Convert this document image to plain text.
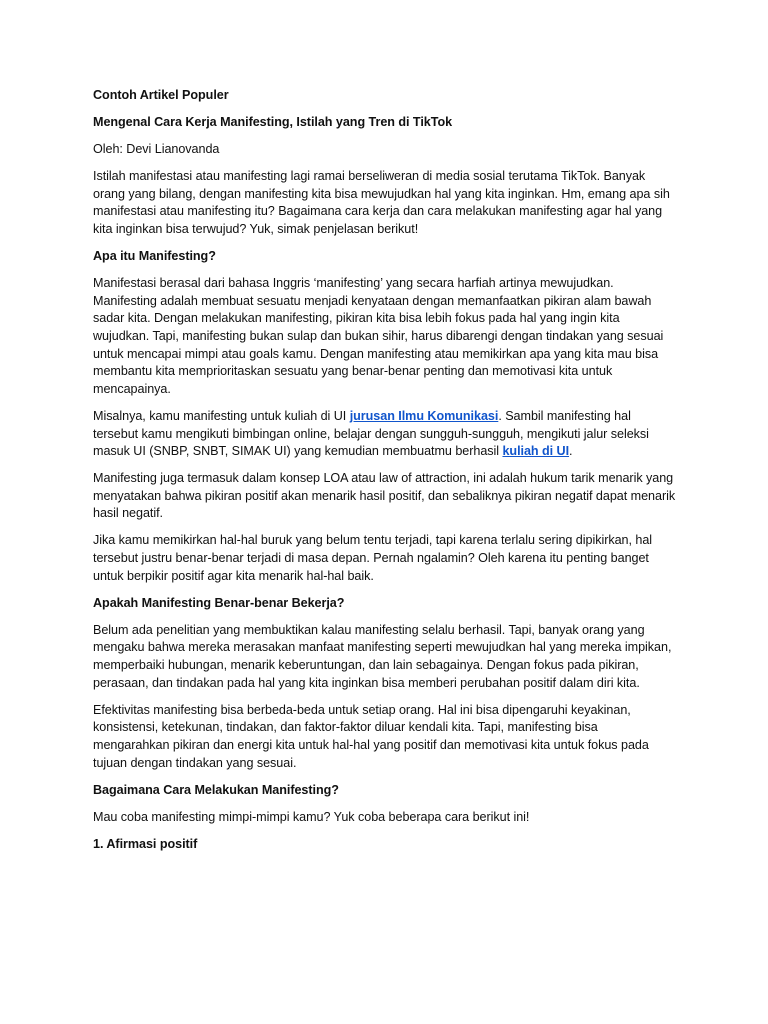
Contoh Artikel Populer

Mengenal Cara Kerja Manifesting, Istilah yang Tren di TikTok

Oleh: Devi Lianovanda

Istilah manifestasi atau manifesting lagi ramai berseliweran di media sosial terutama TikTok. Banyak orang yang bilang, dengan manifesting kita bisa mewujudkan hal yang kita inginkan. Hm, emang apa sih manifestasi atau manifesting itu? Bagaimana cara kerja dan cara melakukan manifesting agar hal yang kita inginkan bisa terwujud? Yuk, simak penjelasan berikut!

Apa itu Manifesting?

Manifestasi berasal dari bahasa Inggris ‘manifesting’ yang secara harfiah artinya mewujudkan. Manifesting adalah membuat sesuatu menjadi kenyataan dengan memanfaatkan pikiran alam bawah sadar kita. Dengan melakukan manifesting, pikiran kita bisa lebih fokus pada hal yang ingin kita wujudkan. Tapi, manifesting bukan sulap dan bukan sihir, harus dibarengi dengan tindakan yang sesuai untuk mencapai mimpi atau goals kamu. Dengan manifesting atau memikirkan apa yang kita mau bisa membantu kita memprioritaskan sesuatu yang benar-benar penting dan memotivasi kita untuk mencapainya.

Misalnya, kamu manifesting untuk kuliah di UI jurusan Ilmu Komunikasi. Sambil manifesting hal tersebut kamu mengikuti bimbingan online, belajar dengan sungguh-sungguh, mengikuti jalur seleksi masuk UI (SNBP, SNBT, SIMAK UI) yang kemudian membuatmu berhasil kuliah di UI.

Manifesting juga termasuk dalam konsep LOA atau law of attraction, ini adalah hukum tarik menarik yang menyatakan bahwa pikiran positif akan menarik hasil positif, dan sebaliknya pikiran negatif dapat menarik hasil negatif.

Jika kamu memikirkan hal-hal buruk yang belum tentu terjadi, tapi karena terlalu sering dipikirkan, hal tersebut justru benar-benar terjadi di masa depan. Pernah ngalamin? Oleh karena itu penting banget untuk berpikir positif agar kita menarik hal-hal baik.

Apakah Manifesting Benar-benar Bekerja?

Belum ada penelitian yang membuktikan kalau manifesting selalu berhasil. Tapi, banyak orang yang mengaku bahwa mereka merasakan manfaat manifesting seperti mewujudkan hal yang mereka impikan, memperbaiki hubungan, menarik keberuntungan, dan lain sebagainya. Dengan fokus pada pikiran, perasaan, dan tindakan pada hal yang kita inginkan bisa memberi perubahan positif dalam diri kita.

Efektivitas manifesting bisa berbeda-beda untuk setiap orang. Hal ini bisa dipengaruhi keyakinan, konsistensi, ketekunan, tindakan, dan faktor-faktor diluar kendali kita. Tapi, manifesting bisa mengarahkan pikiran dan energi kita untuk hal-hal yang positif dan memotivasi kita untuk fokus pada tujuan dengan tindakan yang sesuai.

Bagaimana Cara Melakukan Manifesting?

Mau coba manifesting mimpi-mimpi kamu? Yuk coba beberapa cara berikut ini!

1. Afirmasi positif
